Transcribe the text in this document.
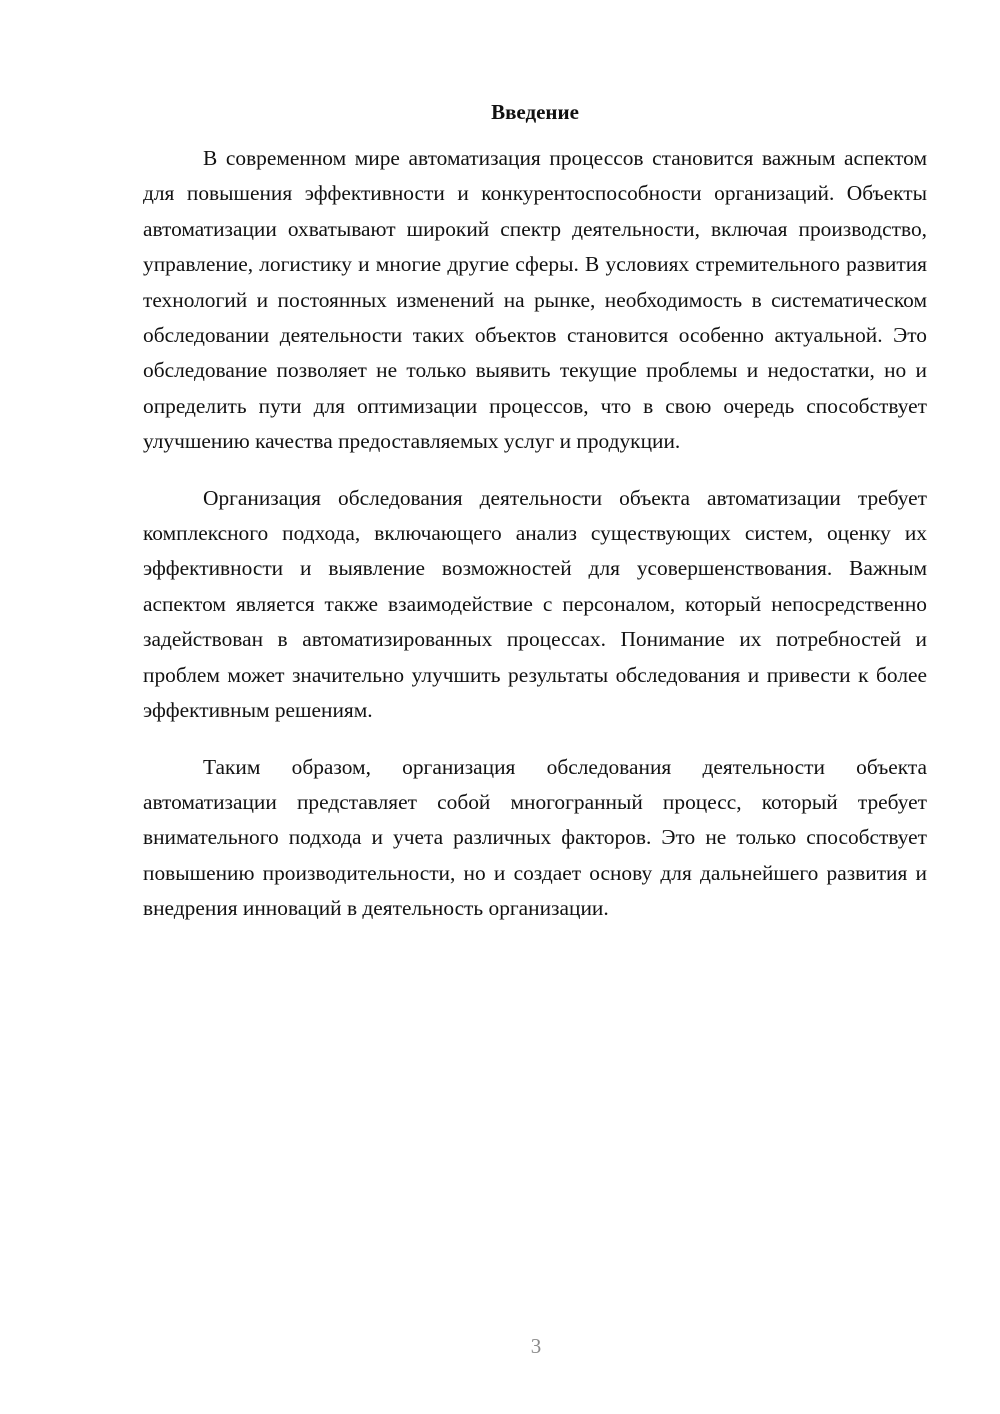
Введение

В современном мире автоматизация процессов становится важным аспектом для повышения эффективности и конкурентоспособности организаций. Объекты автоматизации охватывают широкий спектр деятельности, включая производство, управление, логистику и многие другие сферы. В условиях стремительного развития технологий и постоянных изменений на рынке, необходимость в систематическом обследовании деятельности таких объектов становится особенно актуальной. Это обследование позволяет не только выявить текущие проблемы и недостатки, но и определить пути для оптимизации процессов, что в свою очередь способствует улучшению качества предоставляемых услуг и продукции.

Организация обследования деятельности объекта автоматизации требует комплексного подхода, включающего анализ существующих систем, оценку их эффективности и выявление возможностей для усовершенствования. Важным аспектом является также взаимодействие с персоналом, который непосредственно задействован в автоматизированных процессах. Понимание их потребностей и проблем может значительно улучшить результаты обследования и привести к более эффективным решениям.

Таким образом, организация обследования деятельности объекта автоматизации представляет собой многогранный процесс, который требует внимательного подхода и учета различных факторов. Это не только способствует повышению производительности, но и создает основу для дальнейшего развития и внедрения инноваций в деятельность организации.

3
